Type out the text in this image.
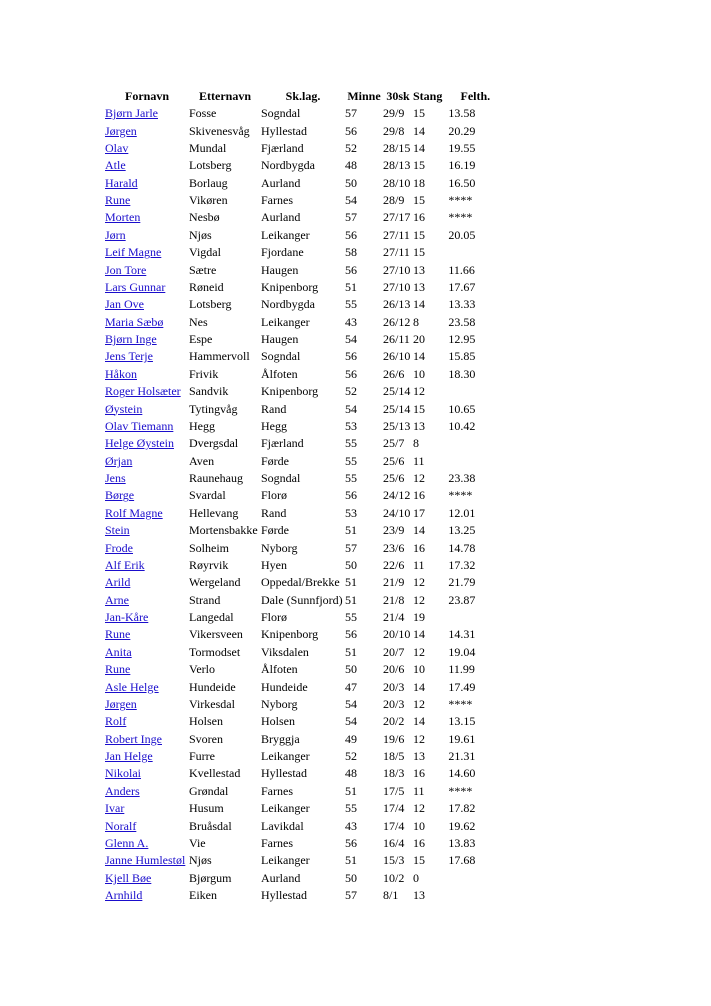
Fornavn	Etternavn	Sk.lag.	Minne	30sk	Stang	Felth.
Bjørn Jarle	Fosse	Sogndal	57	29/9	15	13.58
Jørgen	Skivenesvåg	Hyllestad	56	29/8	14	20.29
Olav	Mundal	Fjærland	52	28/15	14	19.55
Atle	Lotsberg	Nordbygda	48	28/13	15	16.19
Harald	Borlaug	Aurland	50	28/10	18	16.50
Rune	Vikøren	Farnes	54	28/9	15	****
Morten	Nesbø	Aurland	57	27/17	16	****
Jørn	Njøs	Leikanger	56	27/11	15	20.05
Leif Magne	Vigdal	Fjordane	58	27/11	15	
Jon Tore	Sætre	Haugen	56	27/10	13	11.66
Lars Gunnar	Røneid	Knipenborg	51	27/10	13	17.67
Jan Ove	Lotsberg	Nordbygda	55	26/13	14	13.33
Maria Sæbø	Nes	Leikanger	43	26/12	8	23.58
Bjørn Inge	Espe	Haugen	54	26/11	20	12.95
Jens Terje	Hammervoll	Sogndal	56	26/10	14	15.85
Håkon	Frivik	Ålfoten	56	26/6	10	18.30
Roger Holsæter	Sandvik	Knipenborg	52	25/14	12	
Øystein	Tytingvåg	Rand	54	25/14	15	10.65
Olav Tiemann	Hegg	Hegg	53	25/13	13	10.42
Helge Øystein	Dvergsdal	Fjærland	55	25/7	8	
Ørjan	Aven	Førde	55	25/6	11	
Jens	Raunehaug	Sogndal	55	25/6	12	23.38
Børge	Svardal	Florø	56	24/12	16	****
Rolf Magne	Hellevang	Rand	53	24/10	17	12.01
Stein	Mortensbakke	Førde	51	23/9	14	13.25
Frode	Solheim	Nyborg	57	23/6	16	14.78
Alf Erik	Røyrvik	Hyen	50	22/6	11	17.32
Arild	Wergeland	Oppedal/Brekke	51	21/9	12	21.79
Arne	Strand	Dale (Sunnfjord)	51	21/8	12	23.87
Jan-Kåre	Langedal	Florø	55	21/4	19	
Rune	Vikersveen	Knipenborg	56	20/10	14	14.31
Anita	Tormodset	Viksdalen	51	20/7	12	19.04
Rune	Verlo	Ålfoten	50	20/6	10	11.99
Asle Helge	Hundeide	Hundeide	47	20/3	14	17.49
Jørgen	Virkesdal	Nyborg	54	20/3	12	****
Rolf	Holsen	Holsen	54	20/2	14	13.15
Robert Inge	Svoren	Bryggja	49	19/6	12	19.61
Jan Helge	Furre	Leikanger	52	18/5	13	21.31
Nikolai	Kvellestad	Hyllestad	48	18/3	16	14.60
Anders	Grøndal	Farnes	51	17/5	11	****
Ivar	Husum	Leikanger	55	17/4	12	17.82
Noralf	Bruåsdal	Lavikdal	43	17/4	10	19.62
Glenn A.	Vie	Farnes	56	16/4	16	13.83
Janne Humlestøl	Njøs	Leikanger	51	15/3	15	17.68
Kjell Bøe	Bjørgum	Aurland	50	10/2	0	
Arnhild	Eiken	Hyllestad	57	8/1	13	
